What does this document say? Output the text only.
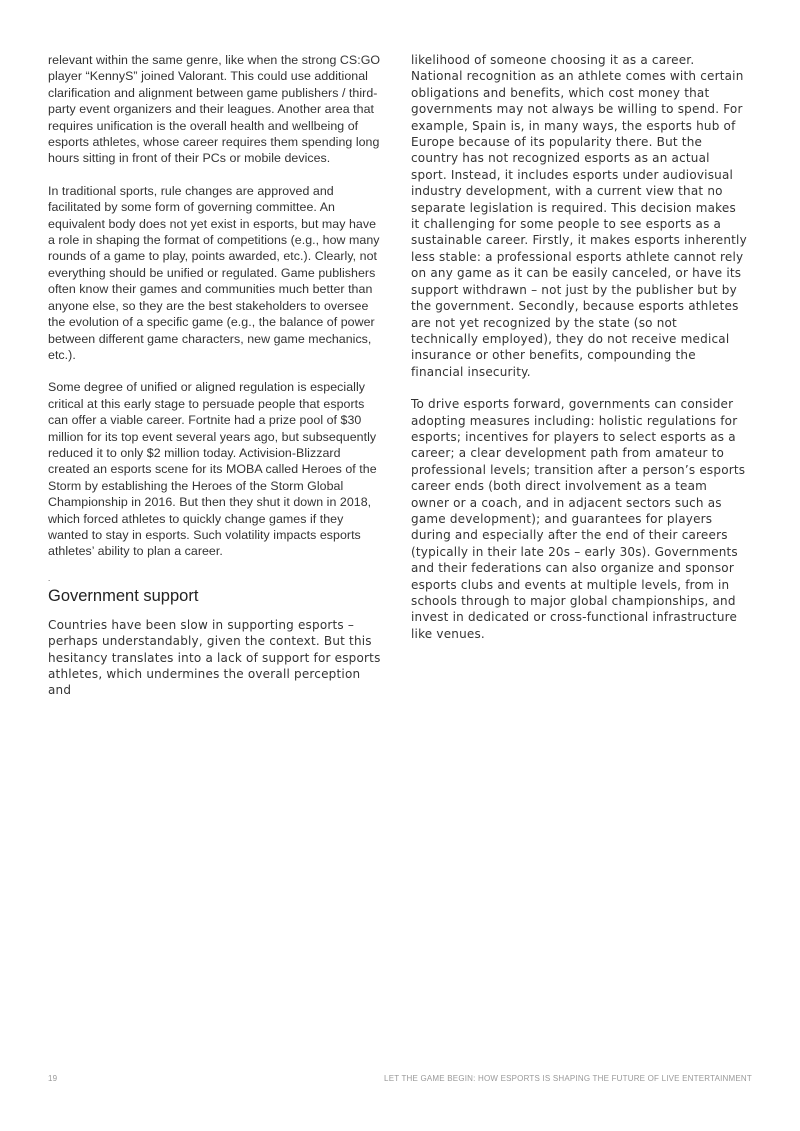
relevant within the same genre, like when the strong CS:GO player “KennyS” joined Valorant. This could use additional clarification and alignment between game publishers / third-party event organizers and their leagues. Another area that requires unification is the overall health and wellbeing of esports athletes, whose career requires them spending long hours sitting in front of their PCs or mobile devices.

In traditional sports, rule changes are approved and facilitated by some form of governing committee. An equivalent body does not yet exist in esports, but may have a role in shaping the format of competitions (e.g., how many rounds of a game to play, points awarded, etc.). Clearly, not everything should be unified or regulated. Game publishers often know their games and communities much better than anyone else, so they are the best stakeholders to oversee the evolution of a specific game (e.g., the balance of power between different game characters, new game mechanics, etc.).

Some degree of unified or aligned regulation is especially critical at this early stage to persuade people that esports can offer a viable career. Fortnite had a prize pool of $30 million for its top event several years ago, but subsequently reduced it to only $2 million today. Activision-Blizzard created an esports scene for its MOBA called Heroes of the Storm by establishing the Heroes of the Storm Global Championship in 2016. But then they shut it down in 2018, which forced athletes to quickly change games if they wanted to stay in esports. Such volatility impacts esports athletes’ ability to plan a career.

.

Government support

Countries have been slow in supporting esports – perhaps understandably, given the context. But this hesitancy translates into a lack of support for esports athletes, which undermines the overall perception and

likelihood of someone choosing it as a career. National recognition as an athlete comes with certain obligations and benefits, which cost money that governments may not always be willing to spend. For example, Spain is, in many ways, the esports hub of Europe because of its popularity there. But the country has not recognized esports as an actual sport. Instead, it includes esports under audiovisual industry development, with a current view that no separate legislation is required. This decision makes it challenging for some people to see esports as a sustainable career. Firstly, it makes esports inherently less stable: a professional esports athlete cannot rely on any game as it can be easily canceled, or have its support withdrawn – not just by the publisher but by the government. Secondly, because esports athletes are not yet recognized by the state (so not technically employed), they do not receive medical insurance or other benefits, compounding the financial insecurity.

To drive esports forward, governments can consider adopting measures including: holistic regulations for esports; incentives for players to select esports as a career; a clear development path from amateur to professional levels; transition after a person’s esports career ends (both direct involvement as a team owner or a coach, and in adjacent sectors such as game development); and guarantees for players during and especially after the end of their careers (typically in their late 20s – early 30s). Governments and their federations can also organize and sponsor esports clubs and events at multiple levels, from in schools through to major global championships, and invest in dedicated or cross-functional infrastructure like venues.

19	LET THE GAME BEGIN: HOW ESPORTS IS SHAPING THE FUTURE OF LIVE ENTERTAINMENT
